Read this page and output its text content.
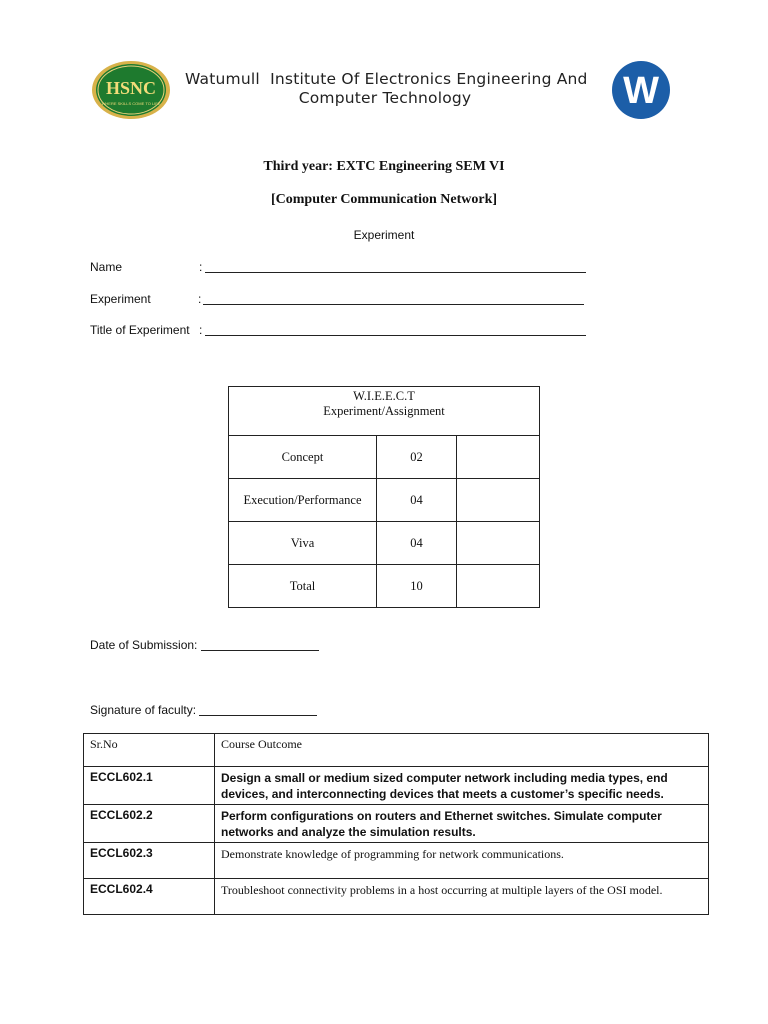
HSNC
WHERE SKILLS COME TO LIFE
Watumull  Institute Of Electronics Engineering And
Computer Technology	W
Third year: EXTC Engineering SEM VI
[Computer Communication Network]
Experiment
Name	:
Experiment	:
Title of Experiment :
W.I.E.E.C.T
Experiment/Assignment		

Concept	02	
Execution/Performance	04	
Viva	04	
Total	10	
Date of Submission:
Signature of faculty:
Sr.No	Course Outcome
ECCL602.1	Design a small or medium sized computer network including media types, end devices, and interconnecting devices that meets a customer’s specific needs.
ECCL602.2	Perform configurations on routers and Ethernet switches. Simulate computer networks and analyze the simulation results.
ECCL602.3	Demonstrate knowledge of programming for network communications.
ECCL602.4	Troubleshoot connectivity problems in a host occurring at multiple layers of the OSI model.
